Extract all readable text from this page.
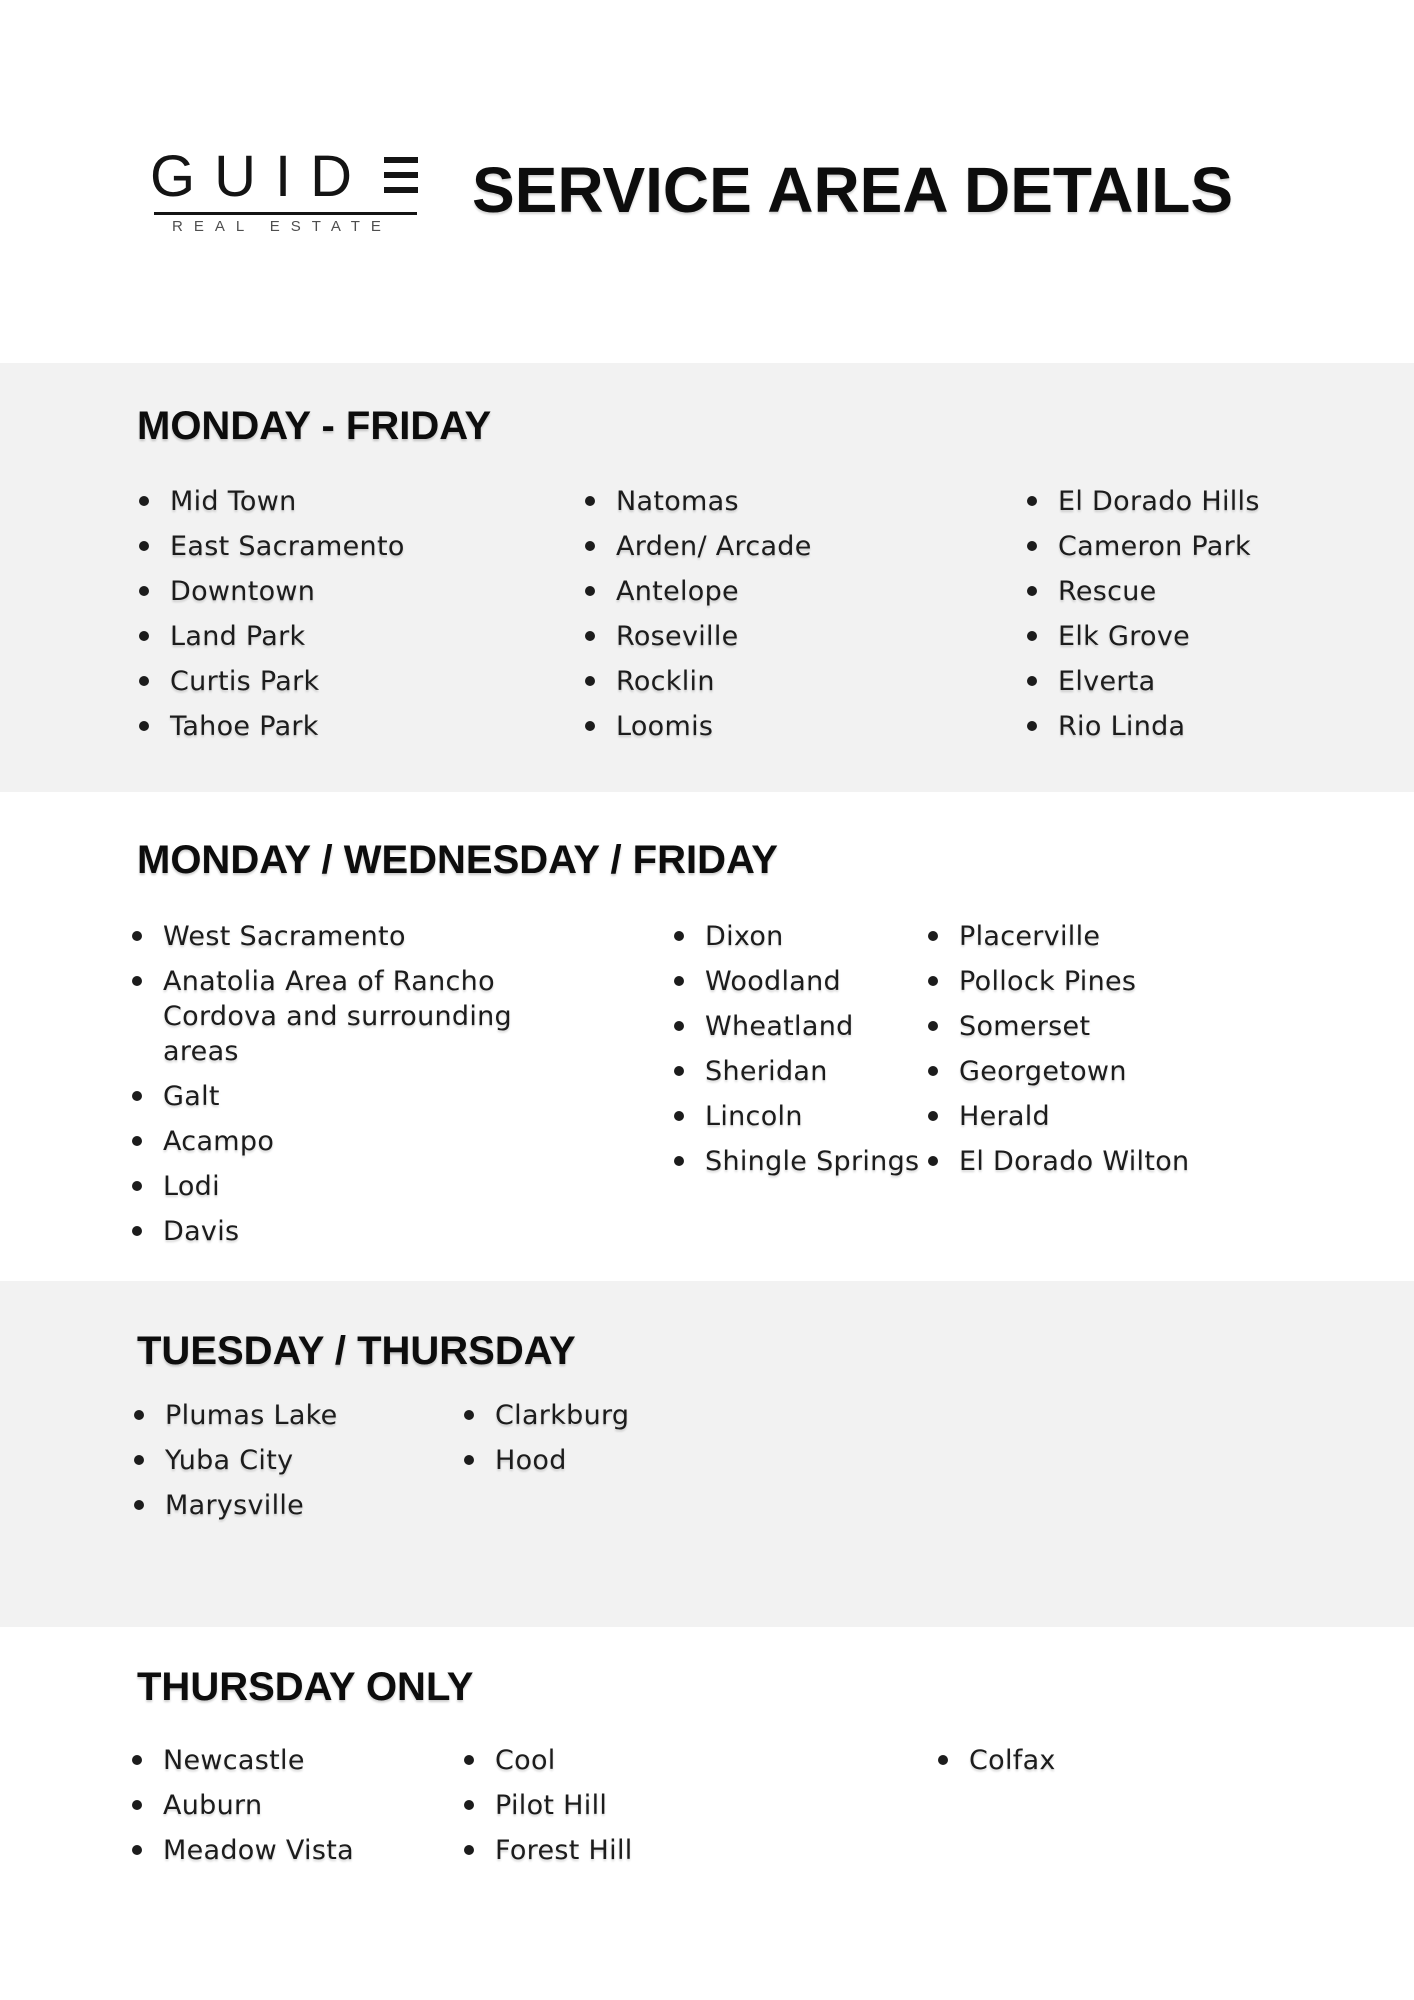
GUID
REAL ESTATE
SERVICE AREA DETAILS
MONDAY - FRIDAY
Mid Town
East Sacramento
Downtown
Land Park
Curtis Park
Tahoe Park
Natomas
Arden/ Arcade
Antelope
Roseville
Rocklin
Loomis
El Dorado Hills
Cameron Park
Rescue
Elk Grove
Elverta
Rio Linda
MONDAY / WEDNESDAY / FRIDAY
West Sacramento
Anatolia Area of Rancho Cordova and surrounding areas
Galt
Acampo
Lodi
Davis
Dixon
Woodland
Wheatland
Sheridan
Lincoln
Shingle Springs
Placerville
Pollock Pines
Somerset
Georgetown
Herald
El Dorado Wilton
TUESDAY / THURSDAY
Plumas Lake
Yuba City
Marysville
Clarkburg
Hood
THURSDAY ONLY
Newcastle
Auburn
Meadow Vista
Cool
Pilot Hill
Forest Hill
Colfax
